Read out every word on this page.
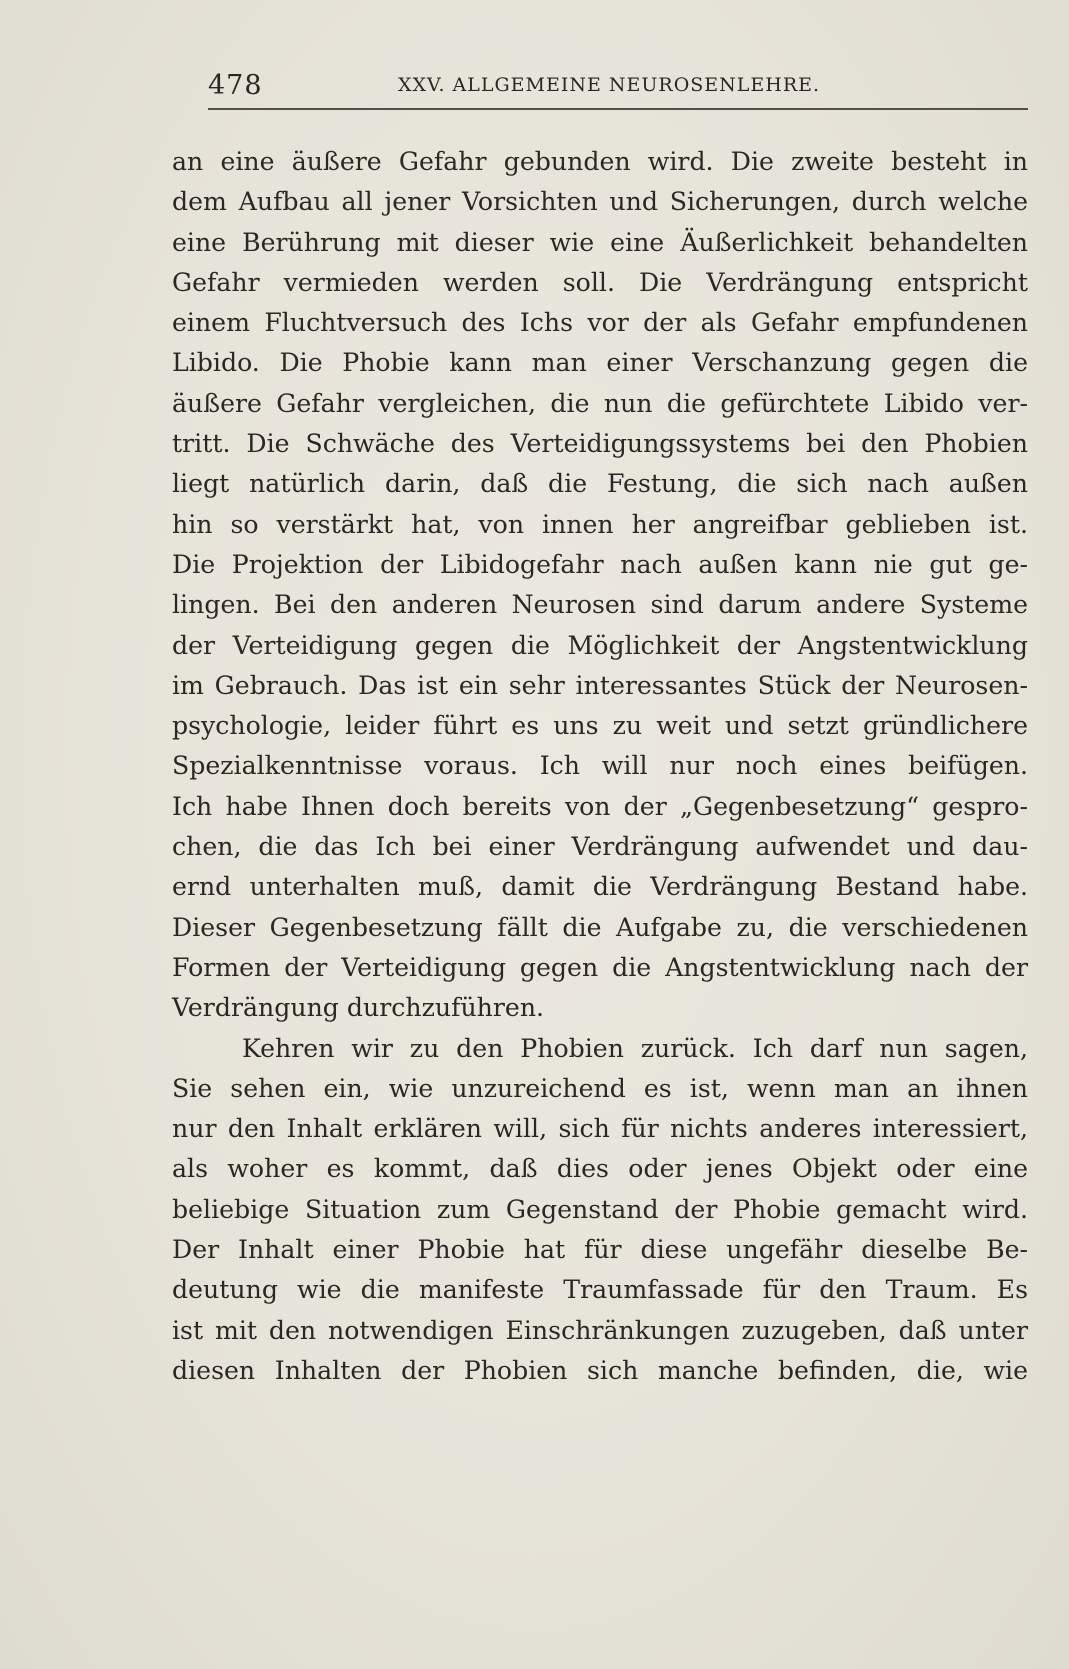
478	XXV. ALLGEMEINE NEUROSENLEHRE.
an eine äußere Gefahr gebunden wird. Die zweite besteht in
dem Aufbau all jener Vorsichten und Sicherungen, durch welche
eine Berührung mit dieser wie eine Äußerlichkeit behandelten
Gefahr vermieden werden soll. Die Verdrängung entspricht
einem Fluchtversuch des Ichs vor der als Gefahr empfundenen
Libido. Die Phobie kann man einer Verschanzung gegen die
äußere Gefahr vergleichen, die nun die gefürchtete Libido ver-
tritt. Die Schwäche des Verteidigungssystems bei den Phobien
liegt natürlich darin, daß die Festung, die sich nach außen
hin so verstärkt hat, von innen her angreifbar geblieben ist.
Die Projektion der Libidogefahr nach außen kann nie gut ge-
lingen. Bei den anderen Neurosen sind darum andere Systeme
der Verteidigung gegen die Möglichkeit der Angstentwicklung
im Gebrauch. Das ist ein sehr interessantes Stück der Neurosen-
psychologie, leider führt es uns zu weit und setzt gründlichere
Spezialkenntnisse voraus. Ich will nur noch eines beifügen.
Ich habe Ihnen doch bereits von der „Gegenbesetzung“ gespro-
chen, die das Ich bei einer Verdrängung aufwendet und dau-
ernd unterhalten muß, damit die Verdrängung Bestand habe.
Dieser Gegenbesetzung fällt die Aufgabe zu, die verschiedenen
Formen der Verteidigung gegen die Angstentwicklung nach der
Verdrängung durchzuführen.
Kehren wir zu den Phobien zurück. Ich darf nun sagen,
Sie sehen ein, wie unzureichend es ist, wenn man an ihnen
nur den Inhalt erklären will, sich für nichts anderes interessiert,
als woher es kommt, daß dies oder jenes Objekt oder eine
beliebige Situation zum Gegenstand der Phobie gemacht wird.
Der Inhalt einer Phobie hat für diese ungefähr dieselbe Be-
deutung wie die manifeste Traumfassade für den Traum. Es
ist mit den notwendigen Einschränkungen zuzugeben, daß unter
diesen Inhalten der Phobien sich manche befinden, die, wie
